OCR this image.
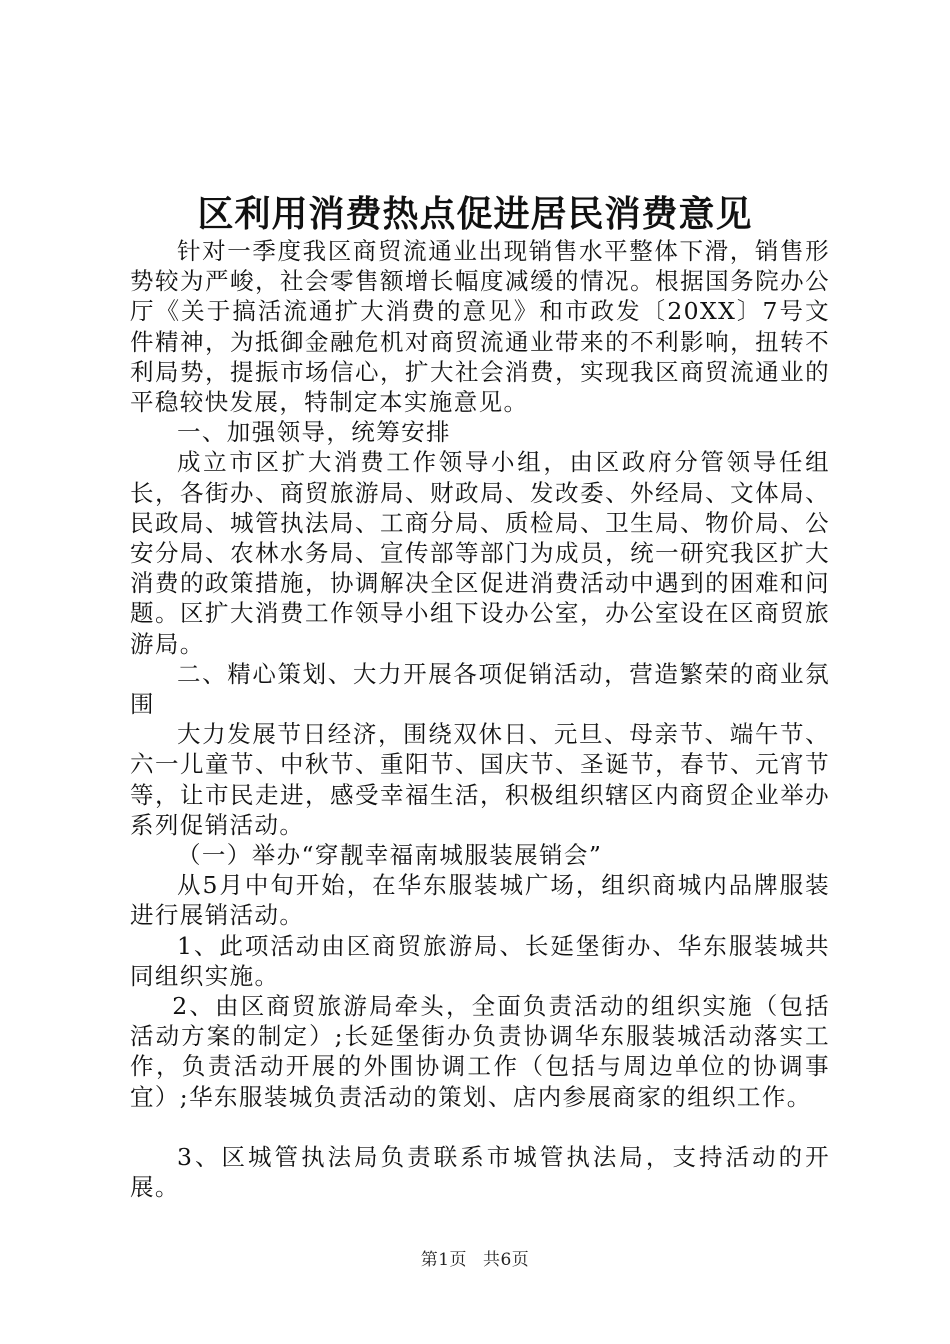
区利用消费热点促进居民消费意见

针对一季度我区商贸流通业出现销售水平整体下滑，销售形势较为严峻，社会零售额增长幅度减缓的情况。根据国务院办公厅《关于搞活流通扩大消费的意见》和市政发〔20XX〕7号文件精神，为抵御金融危机对商贸流通业带来的不利影响，扭转不利局势，提振市场信心，扩大社会消费，实现我区商贸流通业的平稳较快发展，特制定本实施意见。

一、加强领导，统筹安排

成立市区扩大消费工作领导小组，由区政府分管领导任组长，各街办、商贸旅游局、财政局、发改委、外经局、文体局、民政局、城管执法局、工商分局、质检局、卫生局、物价局、公安分局、农林水务局、宣传部等部门为成员，统一研究我区扩大消费的政策措施，协调解决全区促进消费活动中遇到的困难和问题。区扩大消费工作领导小组下设办公室，办公室设在区商贸旅游局。

二、精心策划、大力开展各项促销活动，营造繁荣的商业氛围

大力发展节日经济，围绕双休日、元旦、母亲节、端午节、六一儿童节、中秋节、重阳节、国庆节、圣诞节，春节、元宵节等，让市民走进，感受幸福生活，积极组织辖区内商贸企业举办系列促销活动。

（一）举办“穿靓幸福南城服装展销会”

从5月中旬开始，在华东服装城广场，组织商城内品牌服装进行展销活动。

1、此项活动由区商贸旅游局、长延堡街办、华东服装城共同组织实施。

2、由区商贸旅游局牵头，全面负责活动的组织实施（包括活动方案的制定）;长延堡街办负责协调华东服装城活动落实工作，负责活动开展的外围协调工作（包括与周边单位的协调事宜）;华东服装城负责活动的策划、店内参展商家的组织工作。

3、区城管执法局负责联系市城管执法局，支持活动的开展。

第1页 共6页
